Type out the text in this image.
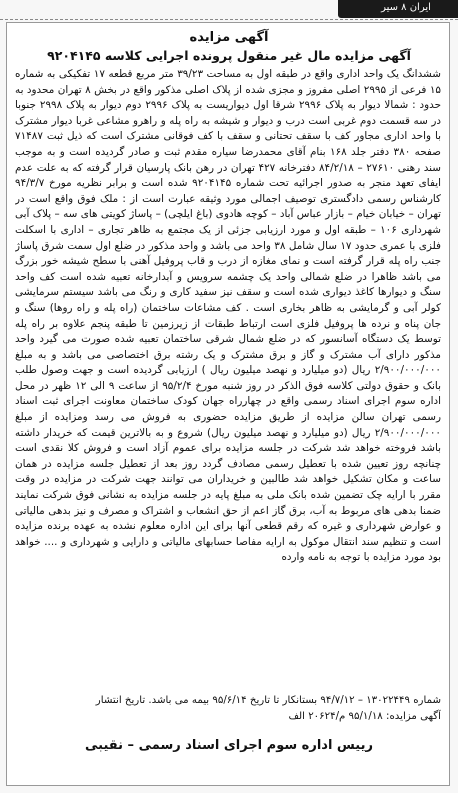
ایران ۸ سیر
آگهی مزایده
آگهی مزایده مال غیر منقول پرونده اجرایی کلاسه ۹۲۰۴۱۴۵
ششدانگ یک واحد اداری واقع در طبقه اول به مساحت ۳۹/۲۳ متر مربع قطعه ۱۷ تفکیکی به شماره ۱۵ فرعی از ۲۹۹۵ اصلی مفروز و مجزی شده از پلاک اصلی مذکور واقع در بخش ۸ تهران محدود به حدود : شمالا دیوار به پلاک ۲۹۹۶ شرقا اول دیواریست به پلاک ۲۹۹۶ دوم دیوار به پلاک ۲۹۹۸ جنوبا در سه قسمت دوم غربی است درب و دیوار و شیشه به راه پله و راهرو مشاعی غربا دیوار مشترک با واحد اداری مجاور کف با سقف تحتانی و سقف با کف فوقانی مشترک است که ذیل ثبت ۷۱۴۸۷ صفحه ۳۸۰ دفتر جلد ۱۶۸ بنام آقای محمدرضا سیاره مقدم ثبت و صادر گردیده است و به موجب سند رهنی ۲۷۶۱۰ – ۸۴/۲/۱۸ دفترخانه ۴۲۷ تهران در رهن بانک پارسیان قرار گرفته که به علت عدم ایفای تعهد منجر به صدور اجرائیه تحت شماره ۹۲۰۴۱۴۵ شده است و برابر نظریه مورخ ۹۴/۳/۷ کارشناس رسمی دادگستری توصیف اجمالی مورد وثیقه عبارت است از : ملک فوق واقع است در تهران – خیابان خیام – بازار عباس آباد – کوچه هادوی (باغ ایلچی) – پاساژ کویتی های سه – پلاک آبی شهرداری ۱۰۶ – طبقه اول و مورد ارزیابی جزئی از یک مجتمع به ظاهر تجاری – اداری با اسکلت فلزی با عمری حدود ۱۷ سال شامل ۳۸ واحد می باشد و واحد مذکور در ضلع اول سمت شرق پاساژ جنب راه پله قرار گرفته است و نمای مغازه از درب و قاب پروفیل آهنی با سطح شیشه خور بزرگ می باشد ظاهرا در ضلع شمالی واحد یک چشمه سرویس و آبدارخانه تعبیه شده است کف واحد سنگ و دیوارها کاغذ دیواری شده است و سقف نیز سفید کاری و رنگ می باشد سیستم سرمایشی کولر آبی و گرمایشی به ظاهر بخاری است . کف مشاعات ساختمان (راه پله و راه روها) سنگ و جان پناه و نرده ها پروفیل فلزی است ارتباط طبقات از زیرزمین تا طبقه پنجم علاوه بر راه پله توسط یک دستگاه آسانسور که در ضلع شمال شرقی ساختمان تعبیه شده صورت می گیرد واحد مذکور دارای آب مشترک و گاز و برق مشترک و یک رشته برق اختصاصی می باشد و به مبلغ ۲/۹۰۰/۰۰۰/۰۰۰ ریال (دو میلیارد و نهصد میلیون ریال ) ارزیابی گردیده است و جهت وصول طلب بانک و حقوق دولتی کلاسه فوق الذکر در روز شنبه مورخ ۹۵/۲/۴ از ساعت ۹ الی ۱۲ ظهر در محل اداره سوم اجرای اسناد رسمی واقع در چهارراه جهان کودک ساختمان معاونت اجرای ثبت اسناد رسمی تهران سالن مزایده از طریق مزایده حضوری به فروش می رسد ومزایده از مبلغ ۲/۹۰۰/۰۰۰/۰۰۰ ریال (دو میلیارد و نهصد میلیون ریال) شروع و به بالاترین قیمت که خریدار داشته باشد فروخته خواهد شد شرکت در جلسه مزایده برای عموم آزاد است و فروش کلا نقدی است چنانچه روز تعیین شده با تعطیل رسمی مصادف گردد روز بعد از تعطیل جلسه مزایده در همان ساعت و مکان تشکیل خواهد شد طالبین و خریداران می توانند جهت شرکت در مزایده در وقت مقرر با ارایه چک تضمین شده بانک ملی به مبلغ پایه در جلسه مزایده به نشانی فوق شرکت نمایند ضمنا بدهی های مربوط به آب، برق گاز اعم از حق انشعاب و اشتراک و مصرف و نیز بدهی مالیاتی و عوارض شهرداری و غیره که رقم قطعی آنها برای این اداره معلوم نشده به عهده برنده مزایده است و تنظیم سند انتقال موکول به ارایه مفاصا حسابهای مالیاتی و دارایی و شهرداری و .... خواهد بود مورد مزایده با توجه به نامه وارده
شماره ۱۳۰۲۲۴۴۹ – ۹۴/۷/۱۲ بستانکار تا تاریخ ۹۵/۶/۱۴ بیمه می باشد. تاریخ انتشار
آگهی مزایده: ۹۵/۱/۱۸ م/۲۰۶۲۴ الف
رییس اداره سوم اجرای اسناد رسمی – نقیبی
